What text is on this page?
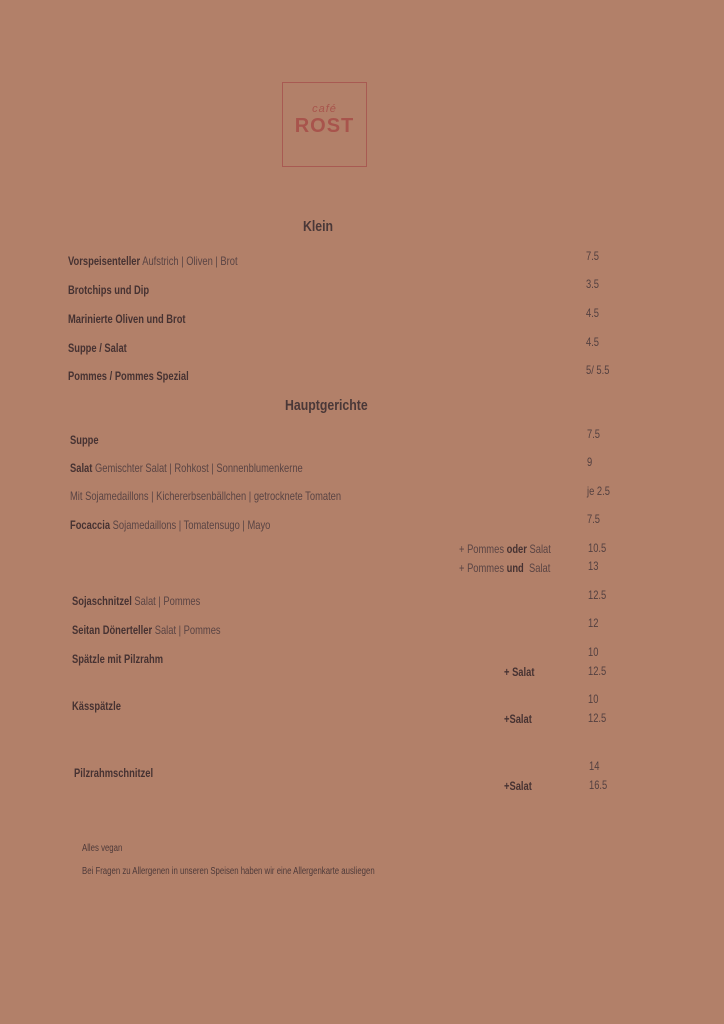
café
ROST
Klein
Vorspeisenteller Aufstrich | Oliven | Brot	7.5
Brotchips und Dip	3.5
Marinierte Oliven und Brot	4.5
Suppe / Salat	4.5
Pommes / Pommes Spezial	5/ 5.5
Hauptgerichte
Suppe	7.5
Salat Gemischter Salat | Rohkost | Sonnenblumenkerne	9
Mit Sojamedaillons | Kichererbsenbällchen | getrocknete Tomaten	je 2.5
Focaccia Sojamedaillons | Tomatensugo | Mayo	7.5
+ Pommes oder Salat	10.5
+ Pommes und  Salat	13
Sojaschnitzel Salat | Pommes	12.5
Seitan Dönerteller Salat | Pommes	12
Spätzle mit Pilzrahm	10
+ Salat	12.5
Kässpätzle	10
+Salat	12.5
Pilzrahmschnitzel	14
+Salat	16.5
Alles vegan
Bei Fragen zu Allergenen in unseren Speisen haben wir eine Allergenkarte ausliegen
